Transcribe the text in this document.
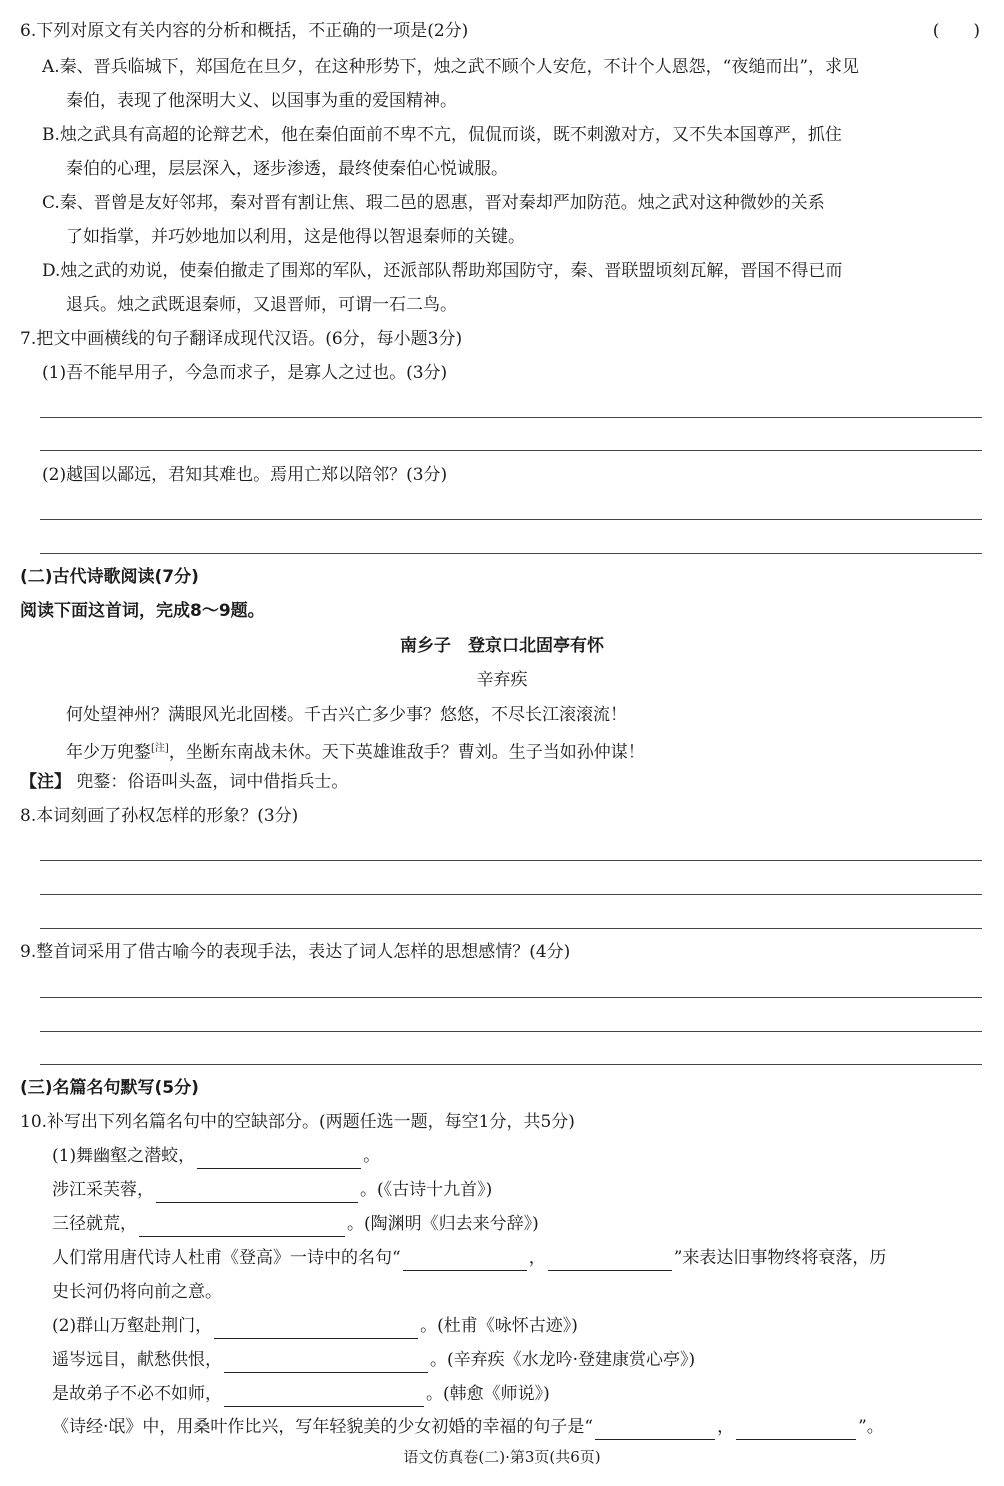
6.下列对原文有关内容的分析和概括，不正确的一项是(2分)	(　　)
A.秦、晋兵临城下，郑国危在旦夕，在这种形势下，烛之武不顾个人安危，不计个人恩怨，“夜缒而出”，求见
秦伯，表现了他深明大义、以国事为重的爱国精神。
B.烛之武具有高超的论辩艺术，他在秦伯面前不卑不亢，侃侃而谈，既不刺激对方，又不失本国尊严，抓住
秦伯的心理，层层深入，逐步渗透，最终使秦伯心悦诚服。
C.秦、晋曾是友好邻邦，秦对晋有割让焦、瑕二邑的恩惠，晋对秦却严加防范。烛之武对这种微妙的关系
了如指掌，并巧妙地加以利用，这是他得以智退秦师的关键。
D.烛之武的劝说，使秦伯撤走了围郑的军队，还派部队帮助郑国防守，秦、晋联盟顷刻瓦解，晋国不得已而
退兵。烛之武既退秦师，又退晋师，可谓一石二鸟。
7.把文中画横线的句子翻译成现代汉语。(6分，每小题3分)
(1)吾不能早用子，今急而求子，是寡人之过也。(3分)
(2)越国以鄙远，君知其难也。焉用亡郑以陪邻？(3分)
(二)古代诗歌阅读(7分)
阅读下面这首词，完成8～9题。
南乡子　登京口北固亭有怀
辛弃疾
何处望神州？满眼风光北固楼。千古兴亡多少事？悠悠，不尽长江滚滚流！
年少万兜鍪[注]，坐断东南战未休。天下英雄谁敌手？曹刘。生子当如孙仲谋！
【注】 兜鍪：俗语叫头盔，词中借指兵士。
8.本词刻画了孙权怎样的形象？(3分)
9.整首词采用了借古喻今的表现手法，表达了词人怎样的思想感情？(4分)
(三)名篇名句默写(5分)
10.补写出下列名篇名句中的空缺部分。(两题任选一题，每空1分，共5分)
(1)舞幽壑之潜蛟，	。
涉江采芙蓉，	。(《古诗十九首》)
三径就荒，	。(陶渊明《归去来兮辞》)
人们常用唐代诗人杜甫《登高》一诗中的名句“	，	”来表达旧事物终将衰落，历
史长河仍将向前之意。
(2)群山万壑赴荆门，	。(杜甫《咏怀古迹》)
遥岑远目，献愁供恨，	。(辛弃疾《水龙吟·登建康赏心亭》)
是故弟子不必不如师，	。(韩愈《师说》)
《诗经·氓》中，用桑叶作比兴，写年轻貌美的少女初婚的幸福的句子是“	，	”。
语文仿真卷(二)·第3页(共6页)
